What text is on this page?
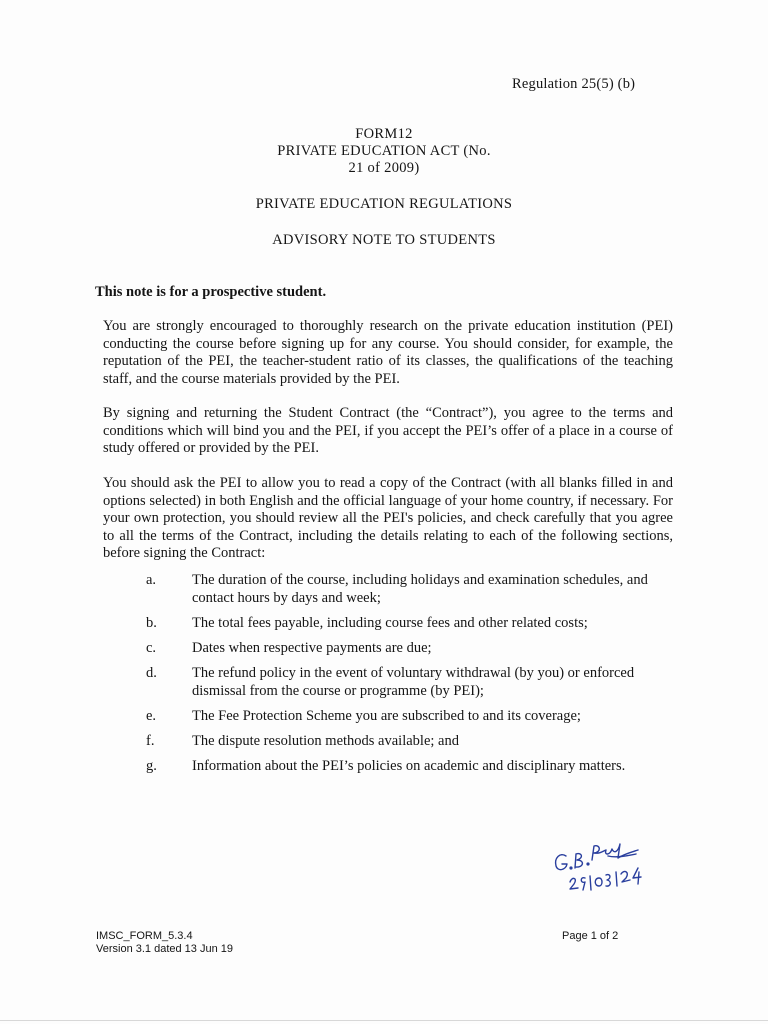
Regulation 25(5) (b)
FORM12
PRIVATE EDUCATION ACT (No.
21 of 2009)
PRIVATE EDUCATION REGULATIONS
ADVISORY NOTE TO STUDENTS
This note is for a prospective student.
You are strongly encouraged to thoroughly research on the private education institution (PEI) conducting the course before signing up for any course. You should consider, for example, the reputation of the PEI, the teacher-student ratio of its classes, the qualifications of the teaching staff, and the course materials provided by the PEI.
By signing and returning the Student Contract (the “Contract”), you agree to the terms and conditions which will bind you and the PEI, if you accept the PEI’s offer of a place in a course of study offered or provided by the PEI.
You should ask the PEI to allow you to read a copy of the Contract (with all blanks filled in and options selected) in both English and the official language of your home country, if necessary. For your own protection, you should review all the PEI's policies, and check carefully that you agree to all the terms of the Contract, including the details relating to each of the following sections, before signing the Contract:
a.	The duration of the course, including holidays and examination schedules, and contact hours by days and week;
b.	The total fees payable, including course fees and other related costs;
c.	Dates when respective payments are due;
d.	The refund policy in the event of voluntary withdrawal (by you) or enforced dismissal from the course or programme (by PEI);
e.	The Fee Protection Scheme you are subscribed to and its coverage;
f.	The dispute resolution methods available; and
g.	Information about the PEI’s policies on academic and disciplinary matters.
IMSC_FORM_5.3.4
Version 3.1 dated 13 Jun 19
Page 1 of 2
